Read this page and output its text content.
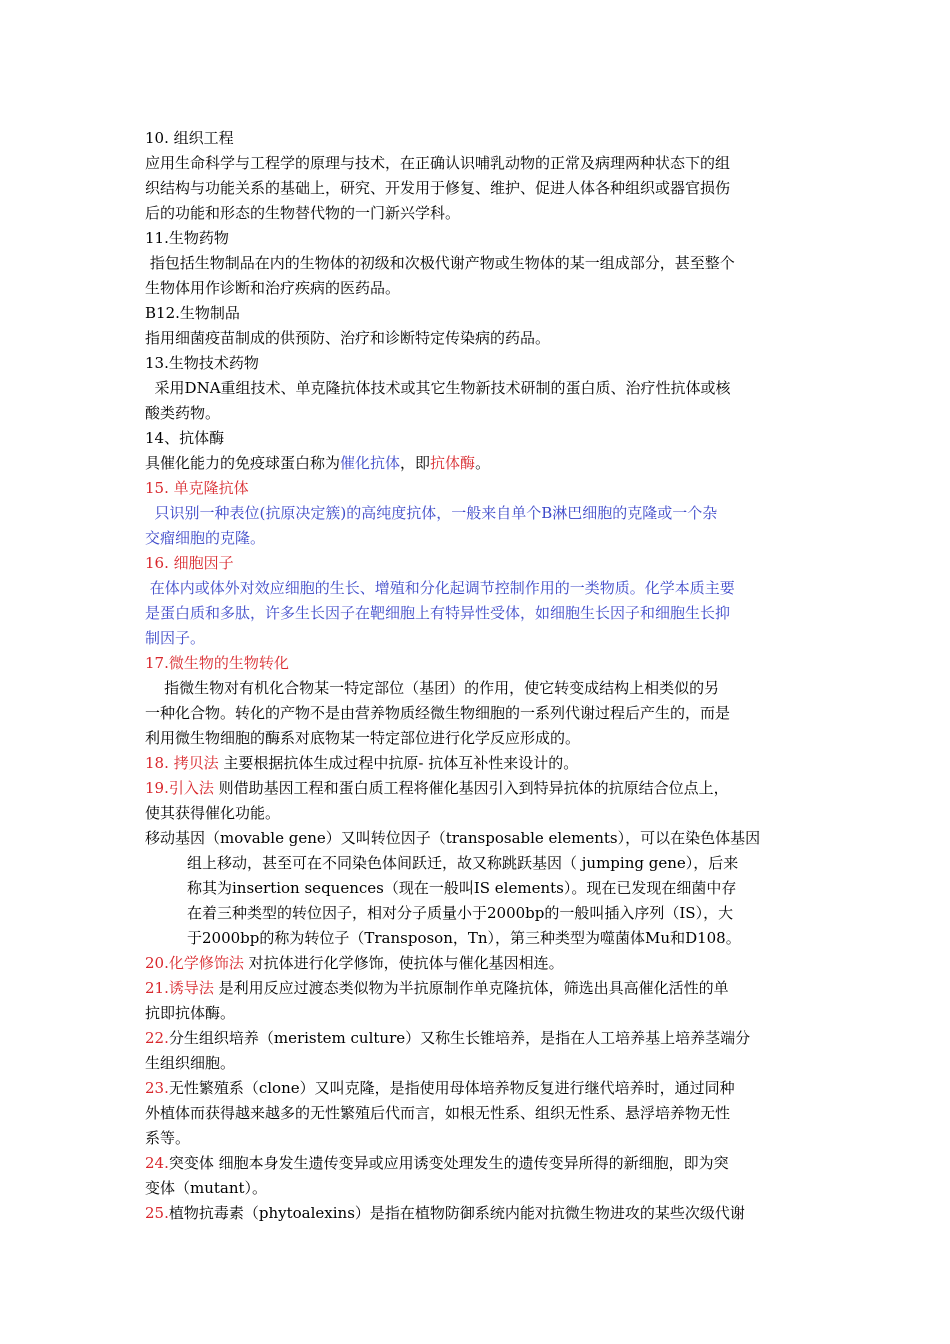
10. 组织工程
应用生命科学与工程学的原理与技术，在正确认识哺乳动物的正常及病理两种状态下的组
织结构与功能关系的基础上，研究、开发用于修复、维护、促进人体各种组织或器官损伤
后的功能和形态的生物替代物的一门新兴学科。
11.生物药物
指包括生物制品在内的生物体的初级和次极代谢产物或生物体的某一组成部分，甚至整个
生物体用作诊断和治疗疾病的医药品。
B12.生物制品
指用细菌疫苗制成的供预防、治疗和诊断特定传染病的药品。
13.生物技术药物
采用DNA重组技术、单克隆抗体技术或其它生物新技术研制的蛋白质、治疗性抗体或核
酸类药物。
14、抗体酶
具催化能力的免疫球蛋白称为催化抗体，即抗体酶。
15. 单克隆抗体
只识别一种表位(抗原决定簇)的高纯度抗体，一般来自单个B淋巴细胞的克隆或一个杂
交瘤细胞的克隆。
16. 细胞因子
在体内或体外对效应细胞的生长、增殖和分化起调节控制作用的一类物质。化学本质主要
是蛋白质和多肽，许多生长因子在靶细胞上有特异性受体，如细胞生长因子和细胞生长抑
制因子。
17.微生物的生物转化
指微生物对有机化合物某一特定部位（基团）的作用，使它转变成结构上相类似的另
一种化合物。转化的产物不是由营养物质经微生物细胞的一系列代谢过程后产生的，而是
利用微生物细胞的酶系对底物某一特定部位进行化学反应形成的。
18. 拷贝法 主要根据抗体生成过程中抗原- 抗体互补性来设计的。
19.引入法 则借助基因工程和蛋白质工程将催化基因引入到特异抗体的抗原结合位点上，
使其获得催化功能。
移动基因（movable gene）又叫转位因子（transposable elements），可以在染色体基因
组上移动，甚至可在不同染色体间跃迁，故又称跳跃基因（ jumping gene），后来
称其为insertion sequences（现在一般叫IS elements）。现在已发现在细菌中存
在着三种类型的转位因子，相对分子质量小于2000bp的一般叫插入序列（IS），大
于2000bp的称为转位子（Transposon，Tn），第三种类型为噬菌体Mu和D108。
20.化学修饰法 对抗体进行化学修饰，使抗体与催化基因相连。
21.诱导法 是利用反应过渡态类似物为半抗原制作单克隆抗体，筛选出具高催化活性的单
抗即抗体酶。
22.分生组织培养（meristem culture）又称生长锥培养，是指在人工培养基上培养茎端分
生组织细胞。
23.无性繁殖系（clone）又叫克隆，是指使用母体培养物反复进行继代培养时，通过同种
外植体而获得越来越多的无性繁殖后代而言，如根无性系、组织无性系、悬浮培养物无性
系等。
24.突变体 细胞本身发生遗传变异或应用诱变处理发生的遗传变异所得的新细胞，即为突
变体（mutant）。
25.植物抗毒素（phytoalexins）是指在植物防御系统内能对抗微生物进攻的某些次级代谢
